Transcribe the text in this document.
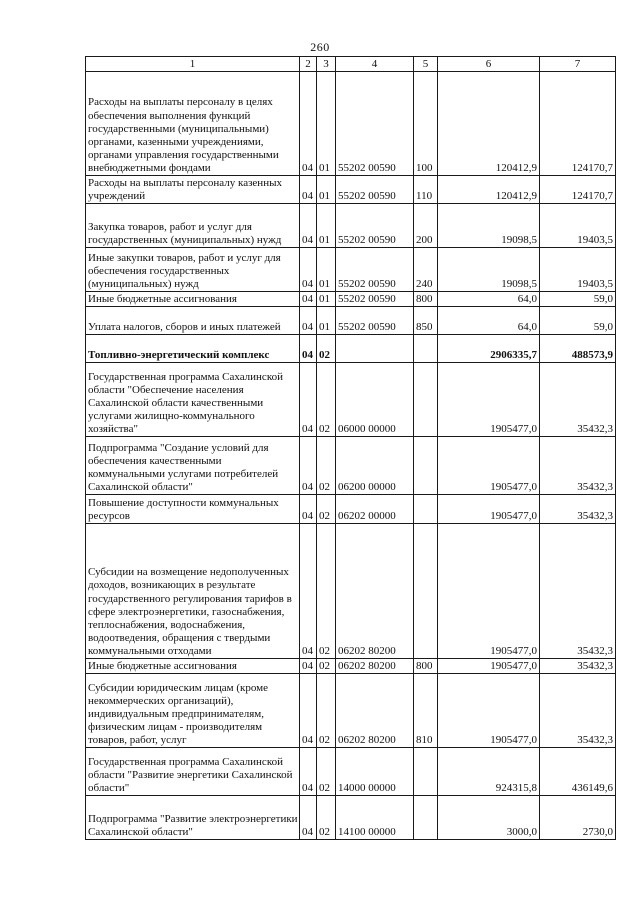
260
1	2	3	4	5	6	7
Расходы на выплаты персоналу в целях обеспечения выполнения функций государственными (муниципальными) органами, казенными учреждениями, органами управления государственными внебюджетными фондами	04	01	55202 00590	100	120412,9	124170,7
Расходы на выплаты персоналу казенных учреждений	04	01	55202 00590	110	120412,9	124170,7
Закупка товаров, работ и услуг для государственных (муниципальных) нужд	04	01	55202 00590	200	19098,5	19403,5
Иные закупки товаров, работ и услуг для обеспечения государственных (муниципальных) нужд	04	01	55202 00590	240	19098,5	19403,5
Иные бюджетные ассигнования	04	01	55202 00590	800	64,0	59,0
Уплата налогов, сборов и иных платежей	04	01	55202 00590	850	64,0	59,0
Топливно-энергетический комплекс	04	02			2906335,7	488573,9
Государственная программа Сахалинской области "Обеспечение населения Сахалинской области качественными услугами жилищно-коммунального хозяйства"	04	02	06000 00000		1905477,0	35432,3
Подпрограмма "Создание условий для обеспечения качественными коммунальными услугами потребителей Сахалинской области"	04	02	06200 00000		1905477,0	35432,3
Повышение доступности коммунальных ресурсов	04	02	06202 00000		1905477,0	35432,3
Субсидии на возмещение недополученных доходов, возникающих в результате государственного регулирования тарифов в сфере электроэнергетики, газоснабжения, теплоснабжения, водоснабжения, водоотведения, обращения с твердыми коммунальными отходами	04	02	06202 80200		1905477,0	35432,3
Иные бюджетные ассигнования	04	02	06202 80200	800	1905477,0	35432,3
Субсидии юридическим лицам (кроме некоммерческих организаций), индивидуальным предпринимателям, физическим лицам - производителям товаров, работ, услуг	04	02	06202 80200	810	1905477,0	35432,3
Государственная программа Сахалинской области "Развитие энергетики Сахалинской области"	04	02	14000 00000		924315,8	436149,6
Подпрограмма "Развитие электроэнергетики Сахалинской области"	04	02	14100 00000		3000,0	2730,0
